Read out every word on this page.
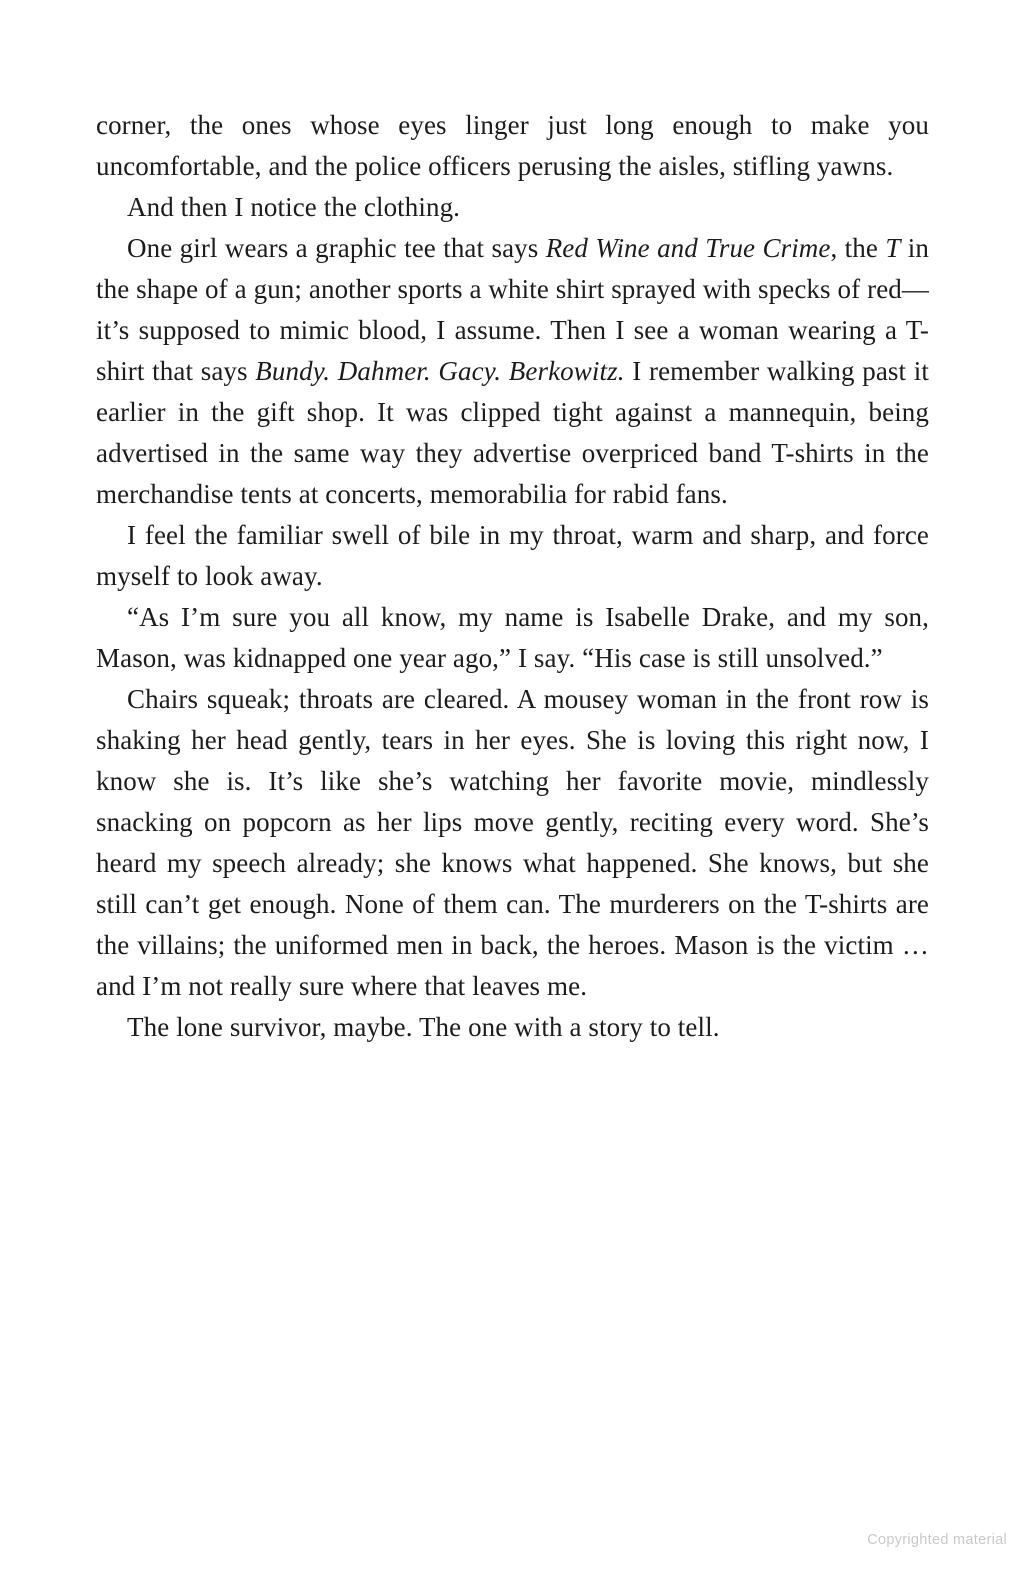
corner, the ones whose eyes linger just long enough to make you uncomfortable, and the police officers perusing the aisles, stifling yawns.

And then I notice the clothing.

One girl wears a graphic tee that says Red Wine and True Crime, the T in the shape of a gun; another sports a white shirt sprayed with specks of red—it’s supposed to mimic blood, I assume. Then I see a woman wearing a T-shirt that says Bundy. Dahmer. Gacy. Berkowitz. I remember walking past it earlier in the gift shop. It was clipped tight against a mannequin, being advertised in the same way they advertise overpriced band T-shirts in the merchandise tents at concerts, memorabilia for rabid fans.

I feel the familiar swell of bile in my throat, warm and sharp, and force myself to look away.

“As I’m sure you all know, my name is Isabelle Drake, and my son, Mason, was kidnapped one year ago,” I say. “His case is still unsolved.”

Chairs squeak; throats are cleared. A mousey woman in the front row is shaking her head gently, tears in her eyes. She is loving this right now, I know she is. It’s like she’s watching her favorite movie, mindlessly snacking on popcorn as her lips move gently, reciting every word. She’s heard my speech already; she knows what happened. She knows, but she still can’t get enough. None of them can. The murderers on the T-shirts are the villains; the uniformed men in back, the heroes. Mason is the victim … and I’m not really sure where that leaves me.

The lone survivor, maybe. The one with a story to tell.

Copyrighted material
